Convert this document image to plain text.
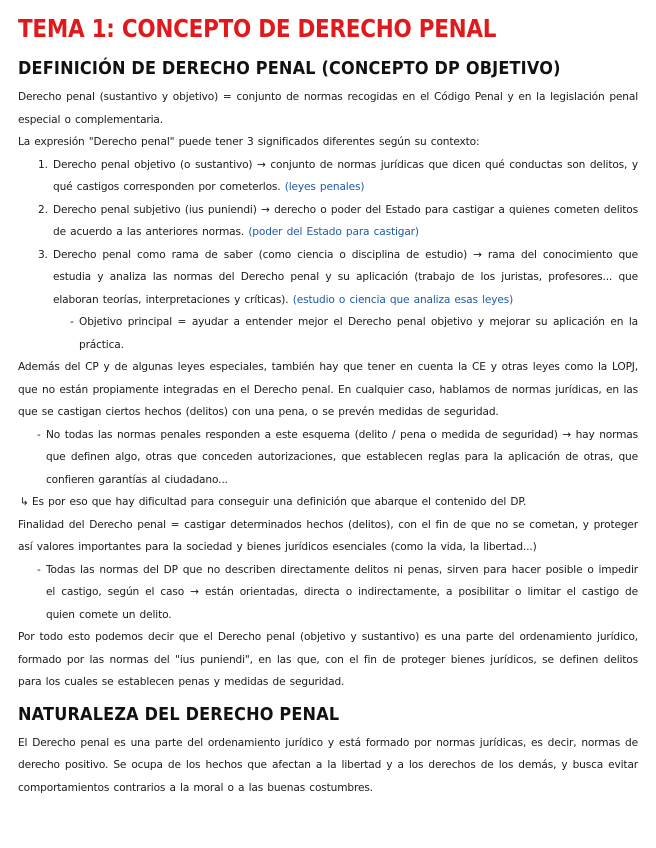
TEMA 1: CONCEPTO DE DERECHO PENAL
DEFINICIÓN DE DERECHO PENAL (CONCEPTO DP OBJETIVO)

Derecho penal (sustantivo y objetivo) = conjunto de normas recogidas en el Código Penal y en la legislación penal especial o complementaria.

La expresión "Derecho penal" puede tener 3 significados diferentes según su contexto:

1. Derecho penal objetivo (o sustantivo) → conjunto de normas jurídicas que dicen qué conductas son delitos, y qué castigos corresponden por cometerlos. (leyes penales)
2. Derecho penal subjetivo (ius puniendi) → derecho o poder del Estado para castigar a quienes cometen delitos de acuerdo a las anteriores normas. (poder del Estado para castigar)
3. Derecho penal como rama de saber (como ciencia o disciplina de estudio) → rama del conocimiento que estudia y analiza las normas del Derecho penal y su aplicación (trabajo de los juristas, profesores... que elaboran teorías, interpretaciones y críticas). (estudio o ciencia que analiza esas leyes)
- Objetivo principal = ayudar a entender mejor el Derecho penal objetivo y mejorar su aplicación en la práctica.

Además del CP y de algunas leyes especiales, también hay que tener en cuenta la CE y otras leyes como la LOPJ, que no están propiamente integradas en el Derecho penal. En cualquier caso, hablamos de normas jurídicas, en las que se castigan ciertos hechos (delitos) con una pena, o se prevén medidas de seguridad.

- No todas las normas penales responden a este esquema (delito / pena o medida de seguridad) → hay normas que definen algo, otras que conceden autorizaciones, que establecen reglas para la aplicación de otras, que confieren garantías al ciudadano...

↳ Es por eso que hay dificultad para conseguir una definición que abarque el contenido del DP.

Finalidad del Derecho penal = castigar determinados hechos (delitos), con el fin de que no se cometan, y proteger así valores importantes para la sociedad y bienes jurídicos esenciales (como la vida, la libertad...)

- Todas las normas del DP que no describen directamente delitos ni penas, sirven para hacer posible o impedir el castigo, según el caso → están orientadas, directa o indirectamente, a posibilitar o limitar el castigo de quien comete un delito.

Por todo esto podemos decir que el Derecho penal (objetivo y sustantivo) es una parte del ordenamiento jurídico, formado por las normas del "ius puniendi", en las que, con el fin de proteger bienes jurídicos, se definen delitos para los cuales se establecen penas y medidas de seguridad.

NATURALEZA DEL DERECHO PENAL

El Derecho penal es una parte del ordenamiento jurídico y está formado por normas jurídicas, es decir, normas de derecho positivo. Se ocupa de los hechos que afectan a la libertad y a los derechos de los demás, y busca evitar comportamientos contrarios a la moral o a las buenas costumbres.
